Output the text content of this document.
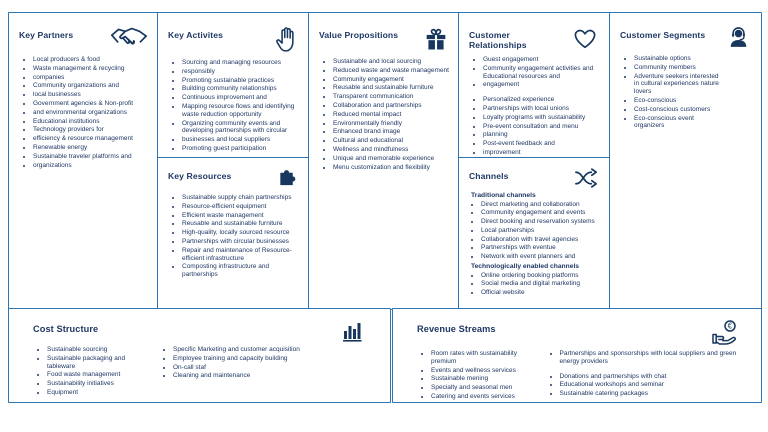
Key Partners
• Local producers & food
• Waste management & recycling
• companies
• Community organizations and
• local businesses
• Government agencies & Non-profit
• and environmental organizations
• Educational institutions
• Technology providers for
• efficiency & resource management
• Renewable energy
• Sustainable traveler platforms and
• organizations
Key Activites
• Sourcing and managing resources
• responsibly
• Promoting sustainable practices
• Building community relationships
• Continuous improvement and
• Mapping resource flows and identifying waste reduction opportunity
• Organizing community events and developing partnerships with circular
• businesses and local suppliers
• Promoting guest participation
Key Resources
• Sustainable supply chain partnerships
• Resource-efficient equipment
• Efficient waste management
• Reusable and sustainable furniture
• High-quality, locally sourced resource
• Partnerships with circular businesses
• Repair and maintenance of Resource-efficient infrastructure
• Composting infrastructure and partnerships
Value Propositions
• Sustainable and local sourcing
• Reduced waste and waste management
• Community engagement
• Reusable and sustainable furniture
• Transparent communication
• Collaboration and partnerships
• Reduced mental impact
• Environmentally friendly
• Enhanced brand image
• Cultural and educational
• Wellness and mindfulness
• Unique and memorable experience
• Menu customization and flexibility
Customer Relationships
• Guest engagement
• Community engagement activities and Educational resources and
• engagement
• Personalized experience
• Partnerships with local unions
• Loyalty programs with sustainability
• Pre-event consultation and menu
• planning
• Post-event feedback and
• improvement
Channels
Traditional channels
• Direct marketing and collaboration
• Community engagement and events
• Direct booking and reservation systems
• Local partnerships
• Collaboration with travel agencies
• Partnerships with eventue
• Network with event planners and
Technologically enabled channels
• Online ordering booking platforms
• Social media and digital marketing
• Official website
Customer Segments
• Sustainable options
• Community members
• Adventure seekers interested in cultural experiences nature lovers
• Eco-conscious
• Cost-conscious customers
• Eco-conscious event organizers
Cost Structure
• Sustainable sourcing
• Sustainable packaging and tableware
• Food waste management
• Sustainability initiatives
• Equipment
• Specific Marketing and customer acquisition
• Employee training and capacity building
• On-call staf
• Cleaning and maintenance
Revenue Streams	€
• Room rates with sustainability premium
• Events and wellness services
• Sustainable mening
• Specialty and seasonal men
• Catering and events services
• Partnerships and sponsorships with local suppliers and green energy providers
• Donations and partnerships with chat
• Educational workshops and seminar
• Sustainable catering packages
